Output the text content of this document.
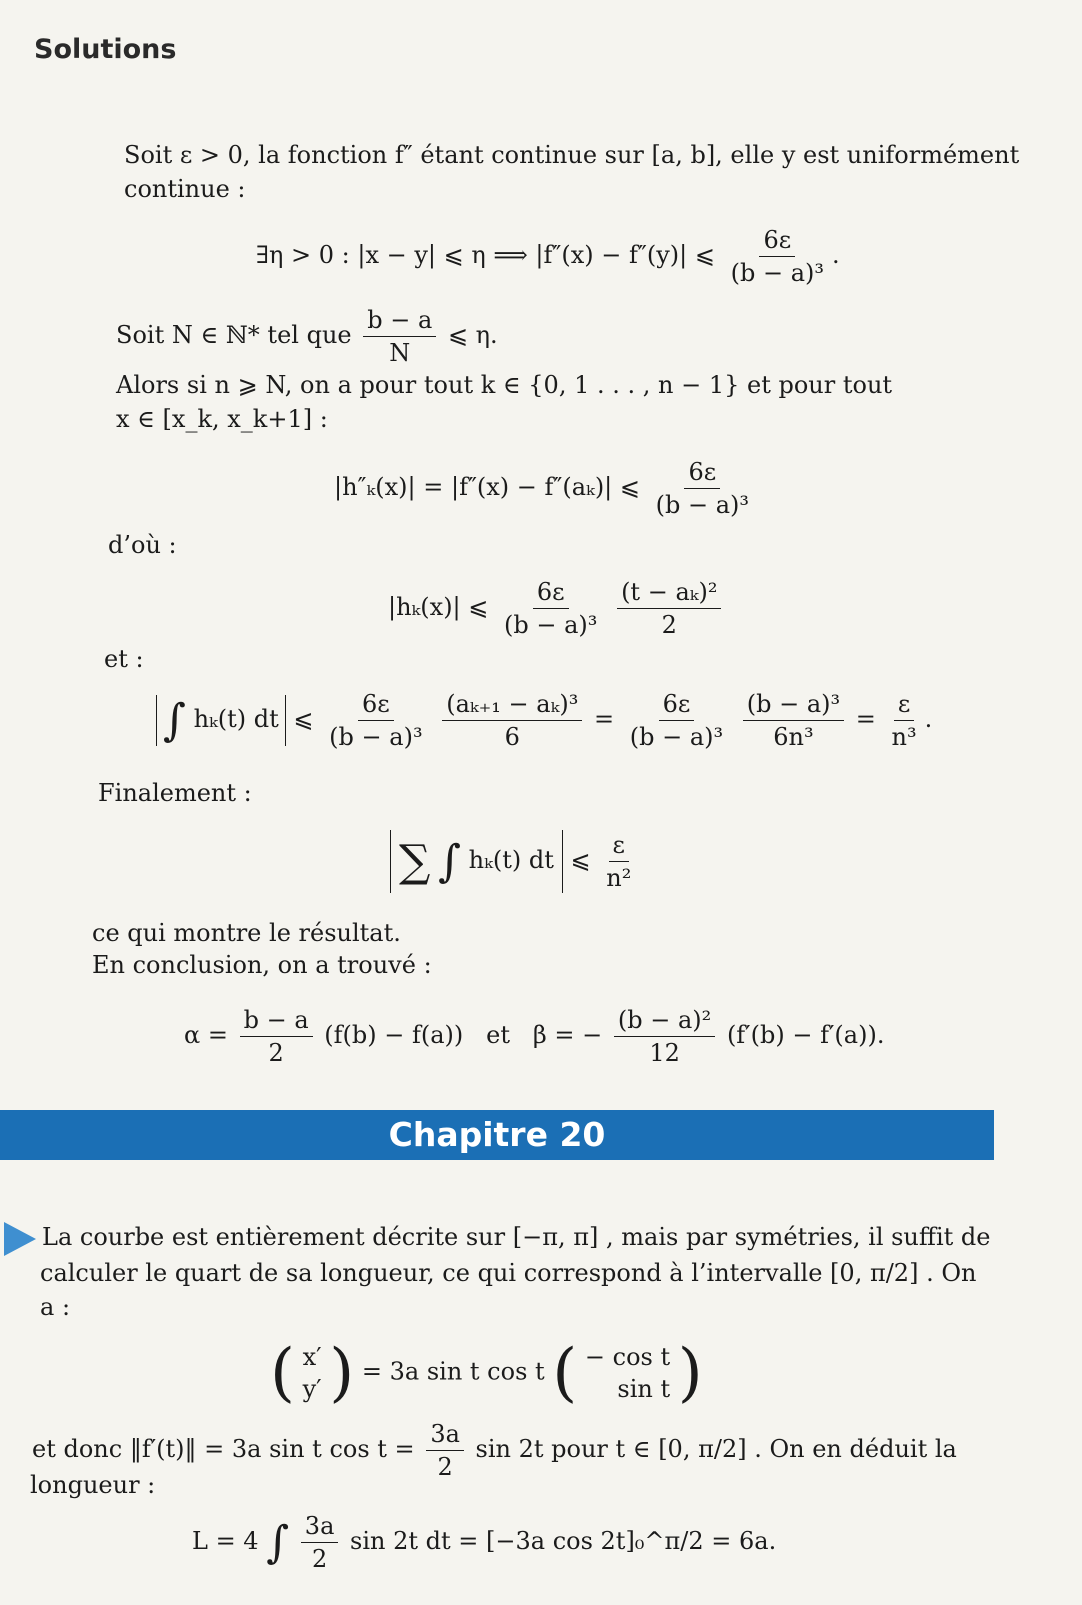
Solutions
Soit ε > 0, la fonction f″ étant continue sur [a, b], elle y est uniformément
continue :
∃η > 0 : |x − y| ⩽ η ⟹ |f″(x) − f″(y)| ⩽ $\frac{6\varepsilon}{\text{(b − a)³}}$ .
Soit N ∈ ℕ* tel que $\frac{b - a}{N}$ ⩽ η.
Alors si n ⩾ N, on a pour tout k ∈ {0, 1 . . . , n − 1} et pour tout
x ∈ [x_k, x_k+1] :
|h″ₖ(x)| = |f″(x) − f″(aₖ)| ⩽ $\frac{6\varepsilon}{\text{(b − a)³}}$
d’où :
|hₖ(x)| ⩽ $\frac{6\varepsilon}{\text{(b − a)³}}$
$\frac{\text{(t − aₖ)²}}{2}$
et :
∫ hₖ(t) dt ⩽ $\frac{6\varepsilon}{\text{(b − a)³}}$
$\frac{\text{(aₖ₊₁ − aₖ)³}}{6} = \frac{6\varepsilon}{\text{(b − a)³}}$
$\frac{\text{(b − a)³}}{\text{6n³}} = \frac{\varepsilon}{\text{n³}}$ .
Finalement :
∑ ∫ hₖ(t) dt ⩽ $\frac{\varepsilon}{\text{n²}}$
ce qui montre le résultat.
En conclusion, on a trouvé :
$\alpha = \frac{b - a}{2} (f(b) - f(a))$ et β = − $\frac{\text{(b − a)²}}{12} (f'(b) - f'(a))$.
Chapitre 20
La courbe est entièrement décrite sur [−π, π] , mais par symétries, il suffit de
calculer le quart de sa longueur, ce qui correspond à l’intervalle [0, π/2] . On
a :
( x′
y′ ) = 3a sin t cos t ( − cos t
sin t )
et donc ‖f′(t)‖ = 3a sin t $\cos t = \frac{3a}{2}$ sin 2t pour t ∈ [0, π/2] . On en déduit la
longueur :
L = 4 ∫ $\frac{3a}{2}$ sin 2t dt = [−3a cos 2t]₀^π/2 = 6a.
